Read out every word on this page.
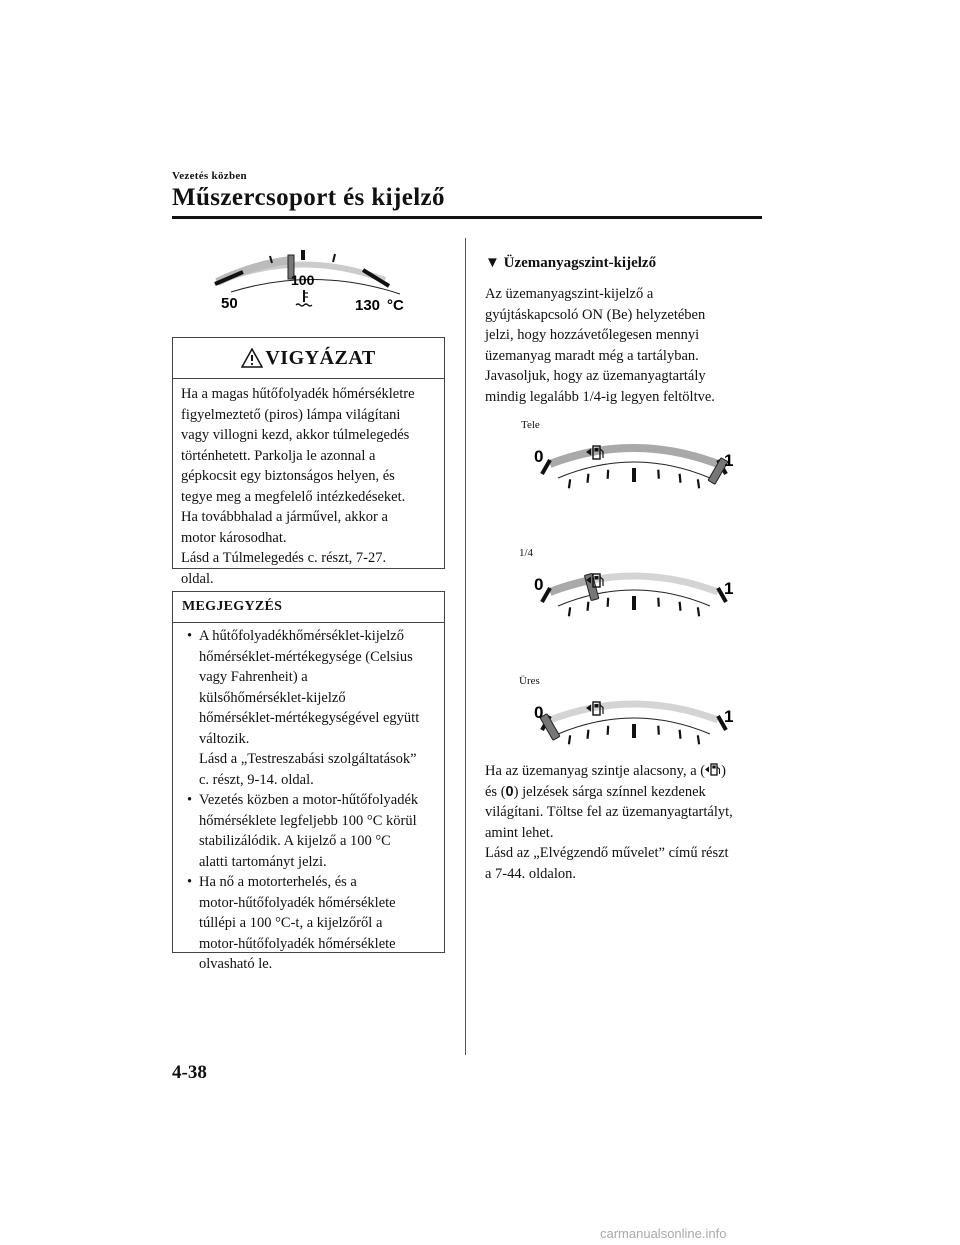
Vezetés közben
Műszercsoport és kijelző
100
50	130 °C
VIGYÁZAT
Ha a magas hűtőfolyadék hőmérsékletre
figyelmeztető (piros) lámpa világítani
vagy villogni kezd, akkor túlmelegedés
történhetett. Parkolja le azonnal a
gépkocsit egy biztonságos helyen, és
tegye meg a megfelelő intézkedéseket.
Ha továbbhalad a járművel, akkor a
motor károsodhat.
Lásd a Túlmelegedés c. részt, 7-27.
oldal.
MEGJEGYZÉS
• A hűtőfolyadékhőmérséklet-kijelző
hőmérséklet-mértékegysége (Celsius
vagy Fahrenheit) a
külsőhőmérséklet-kijelző
hőmérséklet-mértékegységével együtt
változik.
Lásd a „Testreszabási szolgáltatások”
c. részt, 9-14. oldal.
• Vezetés közben a motor-hűtőfolyadék
hőmérséklete legfeljebb 100 °C körül
stabilizálódik. A kijelző a 100 °C
alatti tartományt jelzi.
• Ha nő a motorterhelés, és a
motor-hűtőfolyadék hőmérséklete
túllépi a 100 °C-t, a kijelzőről a
motor-hűtőfolyadék hőmérséklete
olvasható le.
▼ Üzemanyagszint-kijelző
Az üzemanyagszint-kijelző a
gyújtáskapcsoló ON (Be) helyzetében
jelzi, hogy hozzávetőlegesen mennyi
üzemanyag maradt még a tartályban.
Javasoljuk, hogy az üzemanyagtartály
mindig legalább 1/4-ig legyen feltöltve.
Tele
1/4
Üres
0	1
0	1
0	1
Ha az üzemanyag szintje alacsony, a ( )
és (0) jelzések sárga színnel kezdenek
világítani. Töltse fel az üzemanyagtartályt,
amint lehet.
Lásd az „Elvégzendő művelet” című részt
a 7-44. oldalon.
4-38
carmanualsonline.info
